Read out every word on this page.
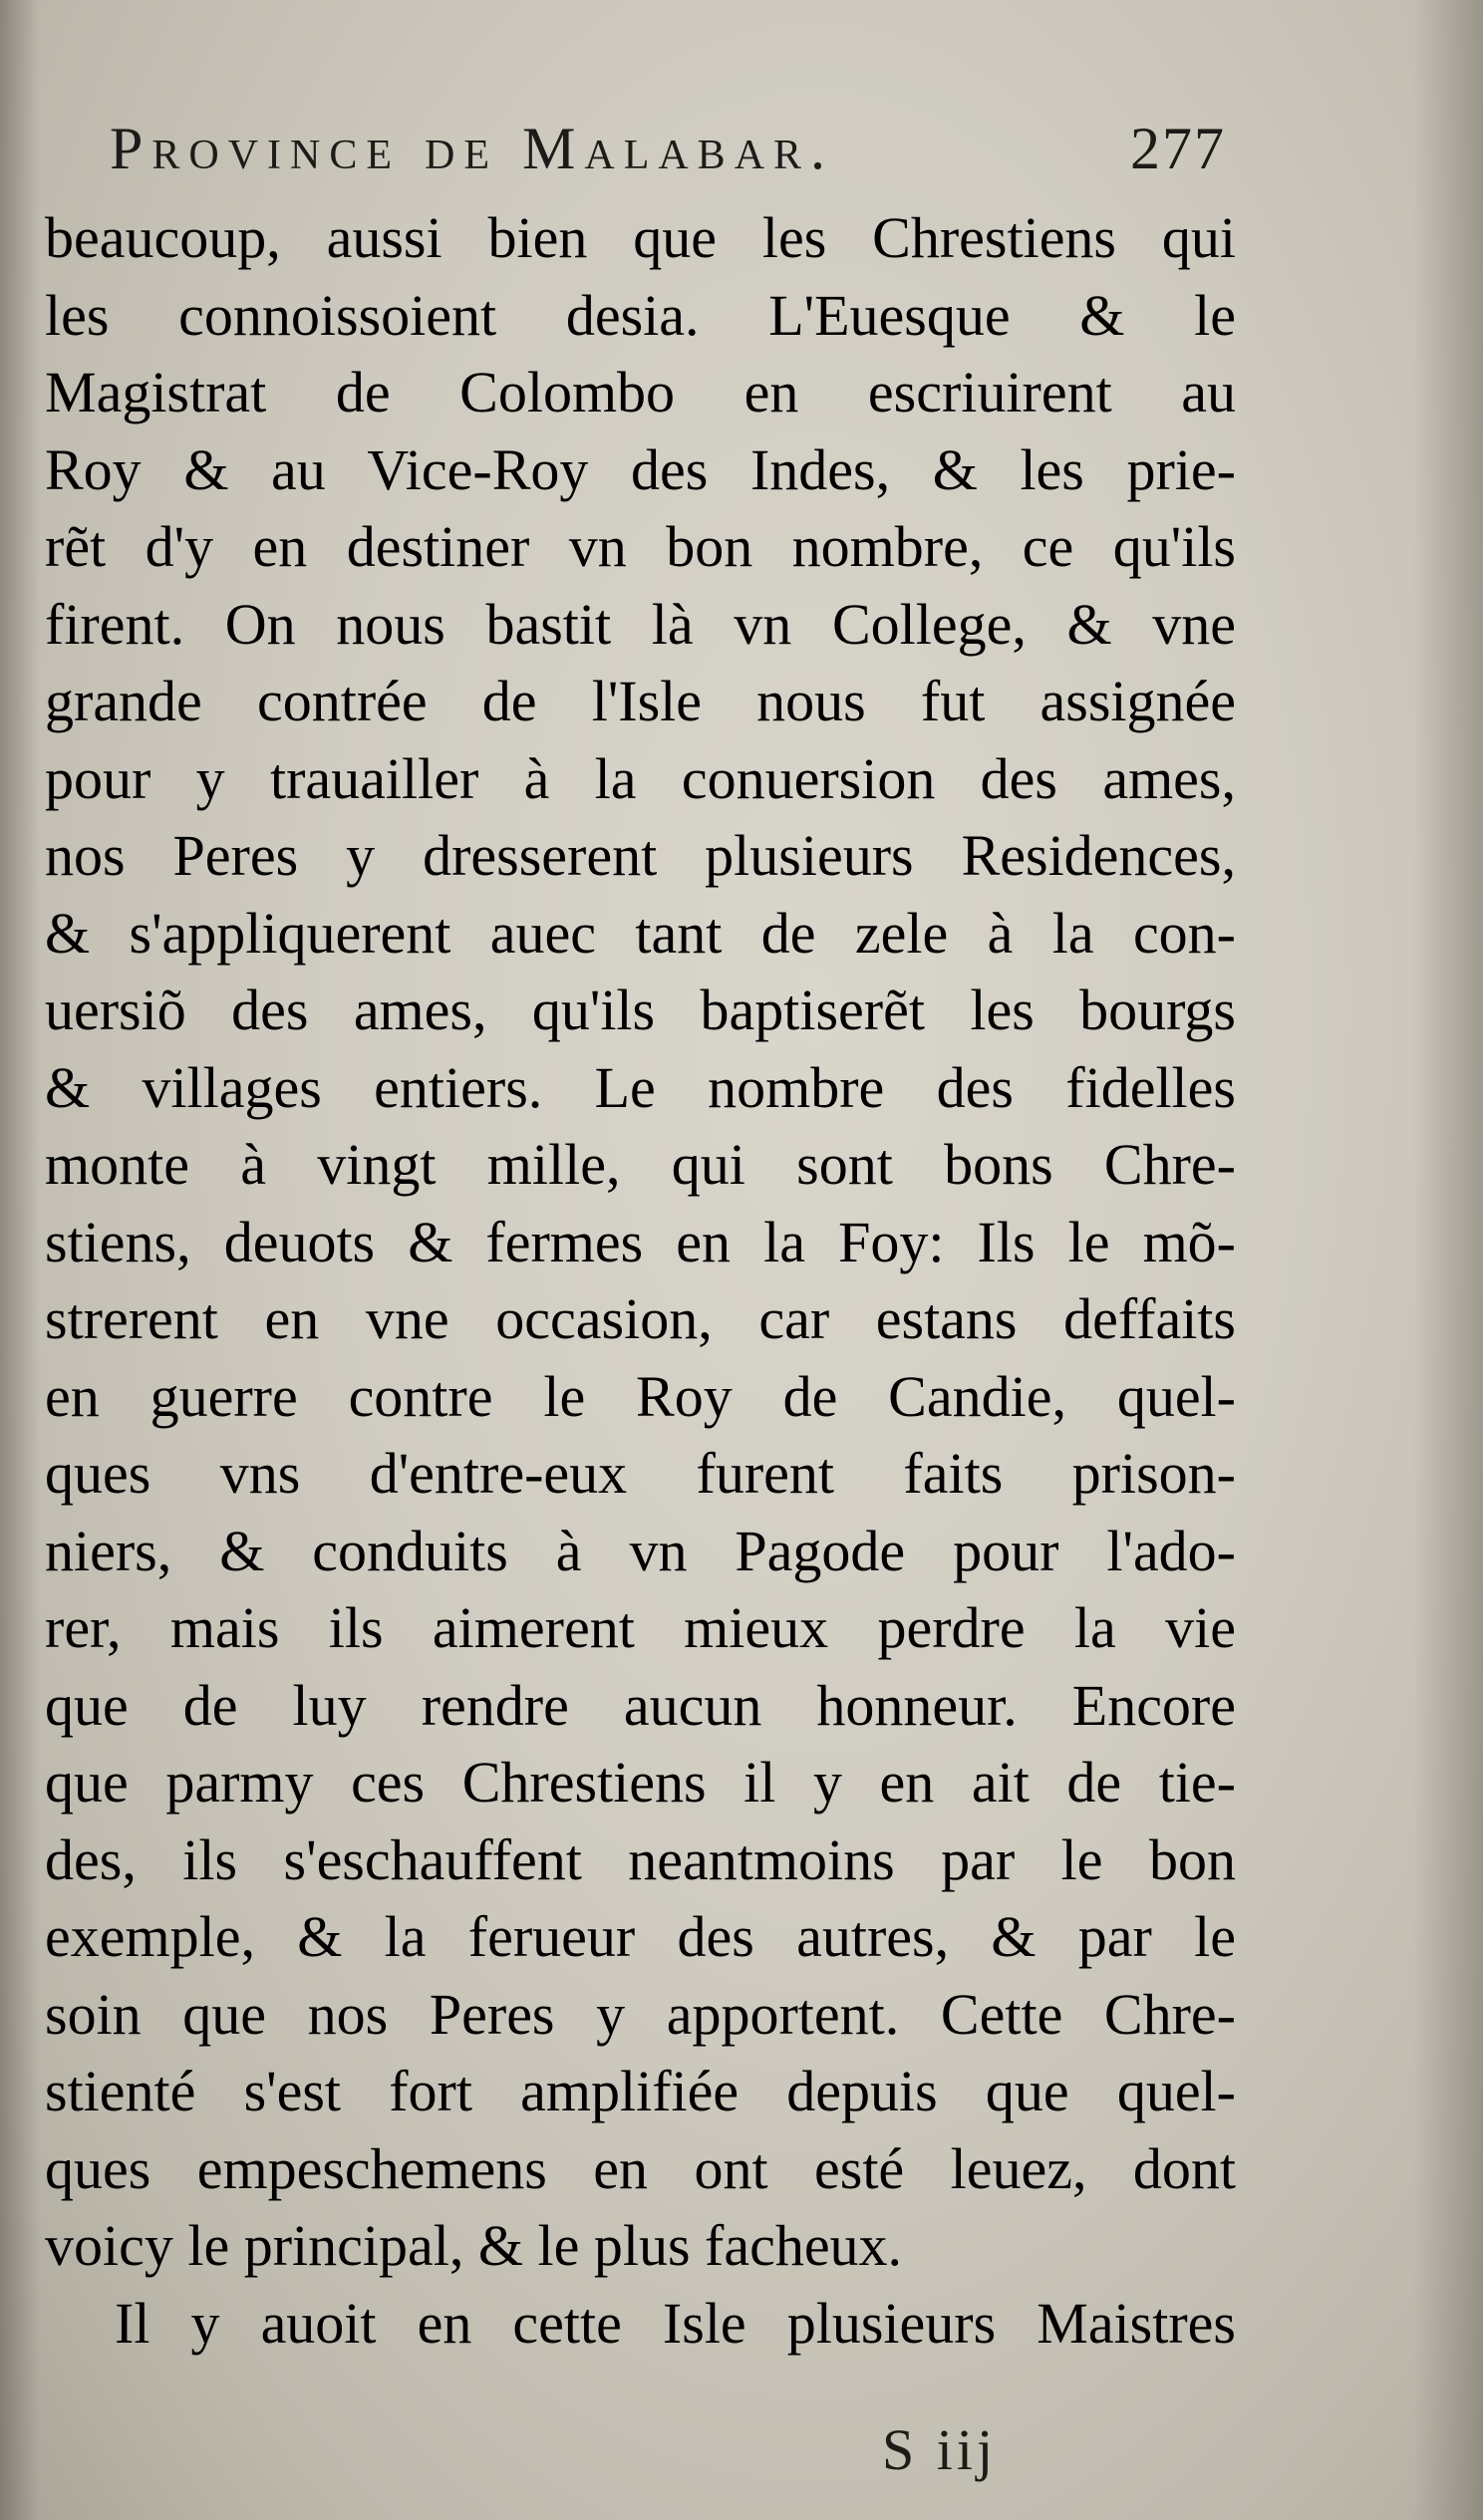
Province de Malabar.	277
beaucoup, aussi bien que les Chrestiens qui
les connoissoient desia. L'Euesque & le
Magistrat de Colombo en escriuirent au
Roy & au Vice-Roy des Indes, & les prie-
rẽt d'y en destiner vn bon nombre, ce qu'ils
firent. On nous bastit là vn College, & vne
grande contrée de l'Isle nous fut assignée
pour y trauailler à la conuersion des ames,
nos Peres y dresserent plusieurs Residences,
& s'appliquerent auec tant de zele à la con-
uersiõ des ames, qu'ils baptiserẽt les bourgs
& villages entiers. Le nombre des fidelles
monte à vingt mille, qui sont bons Chre-
stiens, deuots & fermes en la Foy: Ils le mõ-
strerent en vne occasion, car estans deffaits
en guerre contre le Roy de Candie, quel-
ques vns d'entre-eux furent faits prison-
niers, & conduits à vn Pagode pour l'ado-
rer, mais ils aimerent mieux perdre la vie
que de luy rendre aucun honneur. Encore
que parmy ces Chrestiens il y en ait de tie-
des, ils s'eschauffent neantmoins par le bon
exemple, & la ferueur des autres, & par le
soin que nos Peres y apportent. Cette Chre-
stienté s'est fort amplifiée depuis que quel-
ques empeschemens en ont esté leuez, dont
voicy le principal, & le plus facheux.
Il y auoit en cette Isle plusieurs Maistres
S iij
